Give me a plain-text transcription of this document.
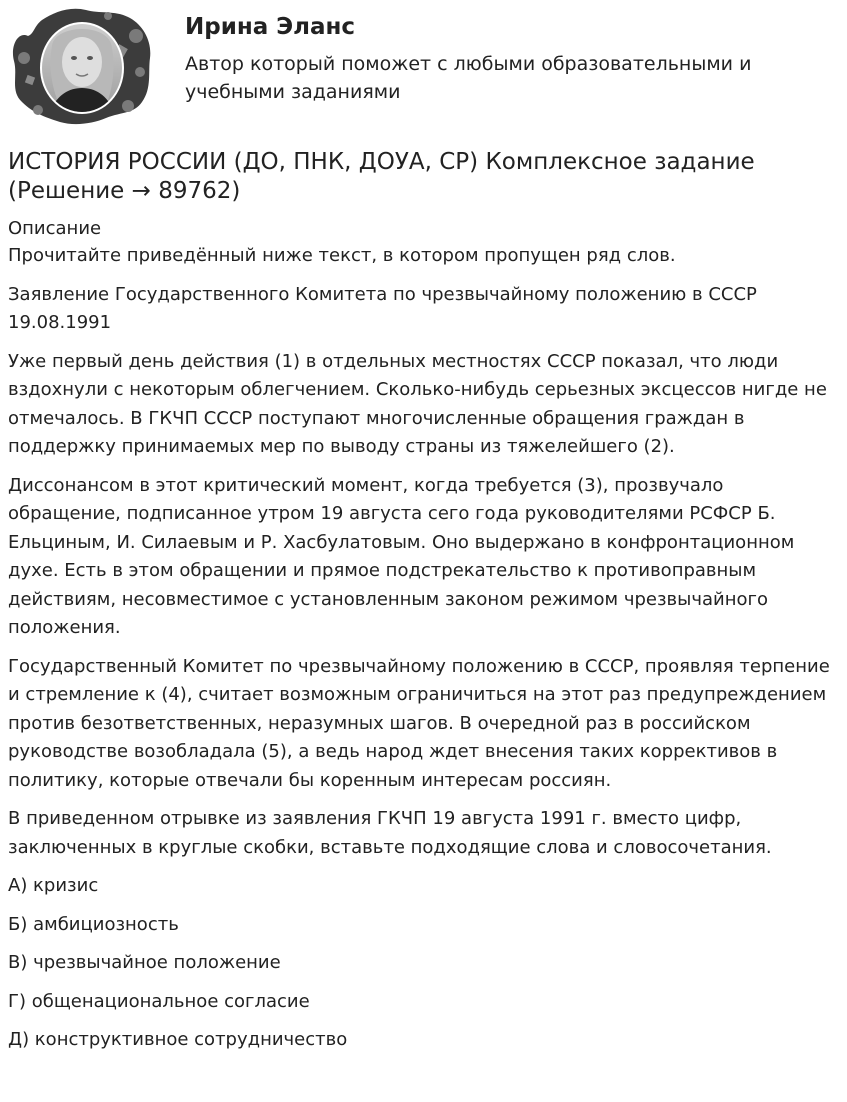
Ирина Эланс

Автор который поможет с любыми образовательными и учебными заданиями

ИСТОРИЯ РОССИИ (ДО, ПНК, ДОУА, СР) Комплексное задание (Решение → 89762)
Описание

Прочитайте приведённый ниже текст, в котором пропущен ряд слов.

Заявление Государственного Комитета по чрезвычайному положению в СССР 19.08.1991

Уже первый день действия (1) в отдельных местностях СССР показал, что люди вздохнули с некоторым облегчением. Сколько-нибудь серьезных эксцессов нигде не отмечалось. В ГКЧП СССР поступают многочисленные обращения граждан в поддержку принимаемых мер по выводу страны из тяжелейшего (2).

Диссонансом в этот критический момент, когда требуется (3), прозвучало обращение, подписанное утром 19 августа сего года руководителями РСФСР Б. Ельциным, И. Силаевым и Р. Хасбулатовым. Оно выдержано в конфронтационном духе. Есть в этом обращении и прямое подстрекательство к противоправным действиям, несовместимое с установленным законом режимом чрезвычайного положения.

Государственный Комитет по чрезвычайному положению в СССР, проявляя терпение и стремление к (4), считает возможным ограничиться на этот раз предупреждением против безответственных, неразумных шагов. В очередной раз в российском руководстве возобладала (5), а ведь народ ждет внесения таких коррективов в политику, которые отвечали бы коренным интересам россиян.

В приведенном отрывке из заявления ГКЧП 19 августа 1991 г. вместо цифр, заключенных в круглые скобки, вставьте подходящие слова и словосочетания.

А) кризис
Б) амбициозность
В) чрезвычайное положение
Г) общенациональное согласие
Д) конструктивное сотрудничество
